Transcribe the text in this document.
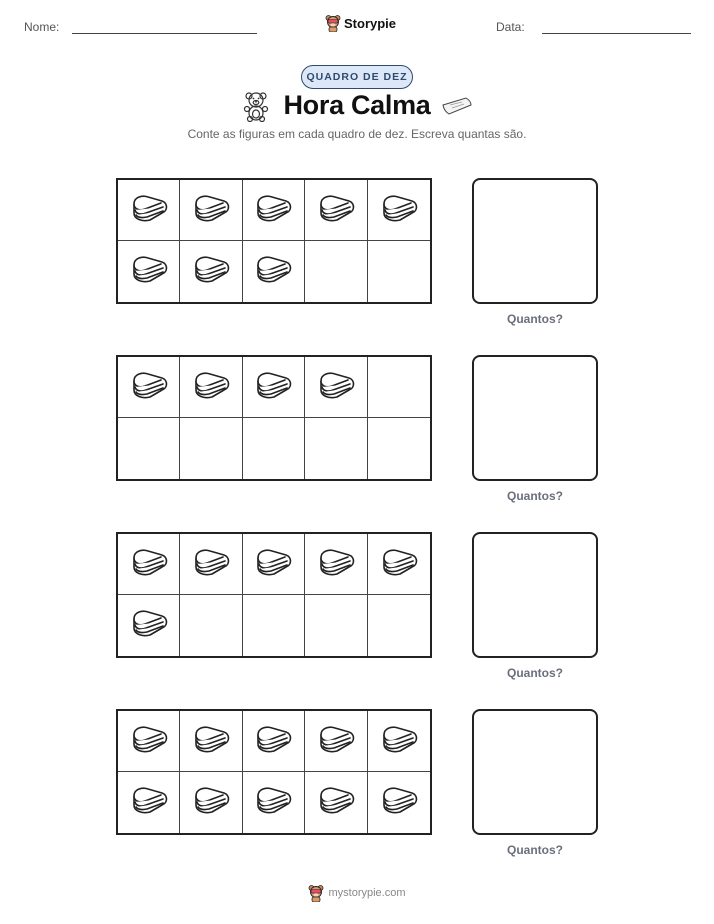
Nome:	Storypie	Data:
QUADRO DE DEZ
Hora Calma
Conte as figuras em cada quadro de dez. Escreva quantas são.
Quantos?
Quantos?
Quantos?
Quantos?
mystorypie.com
